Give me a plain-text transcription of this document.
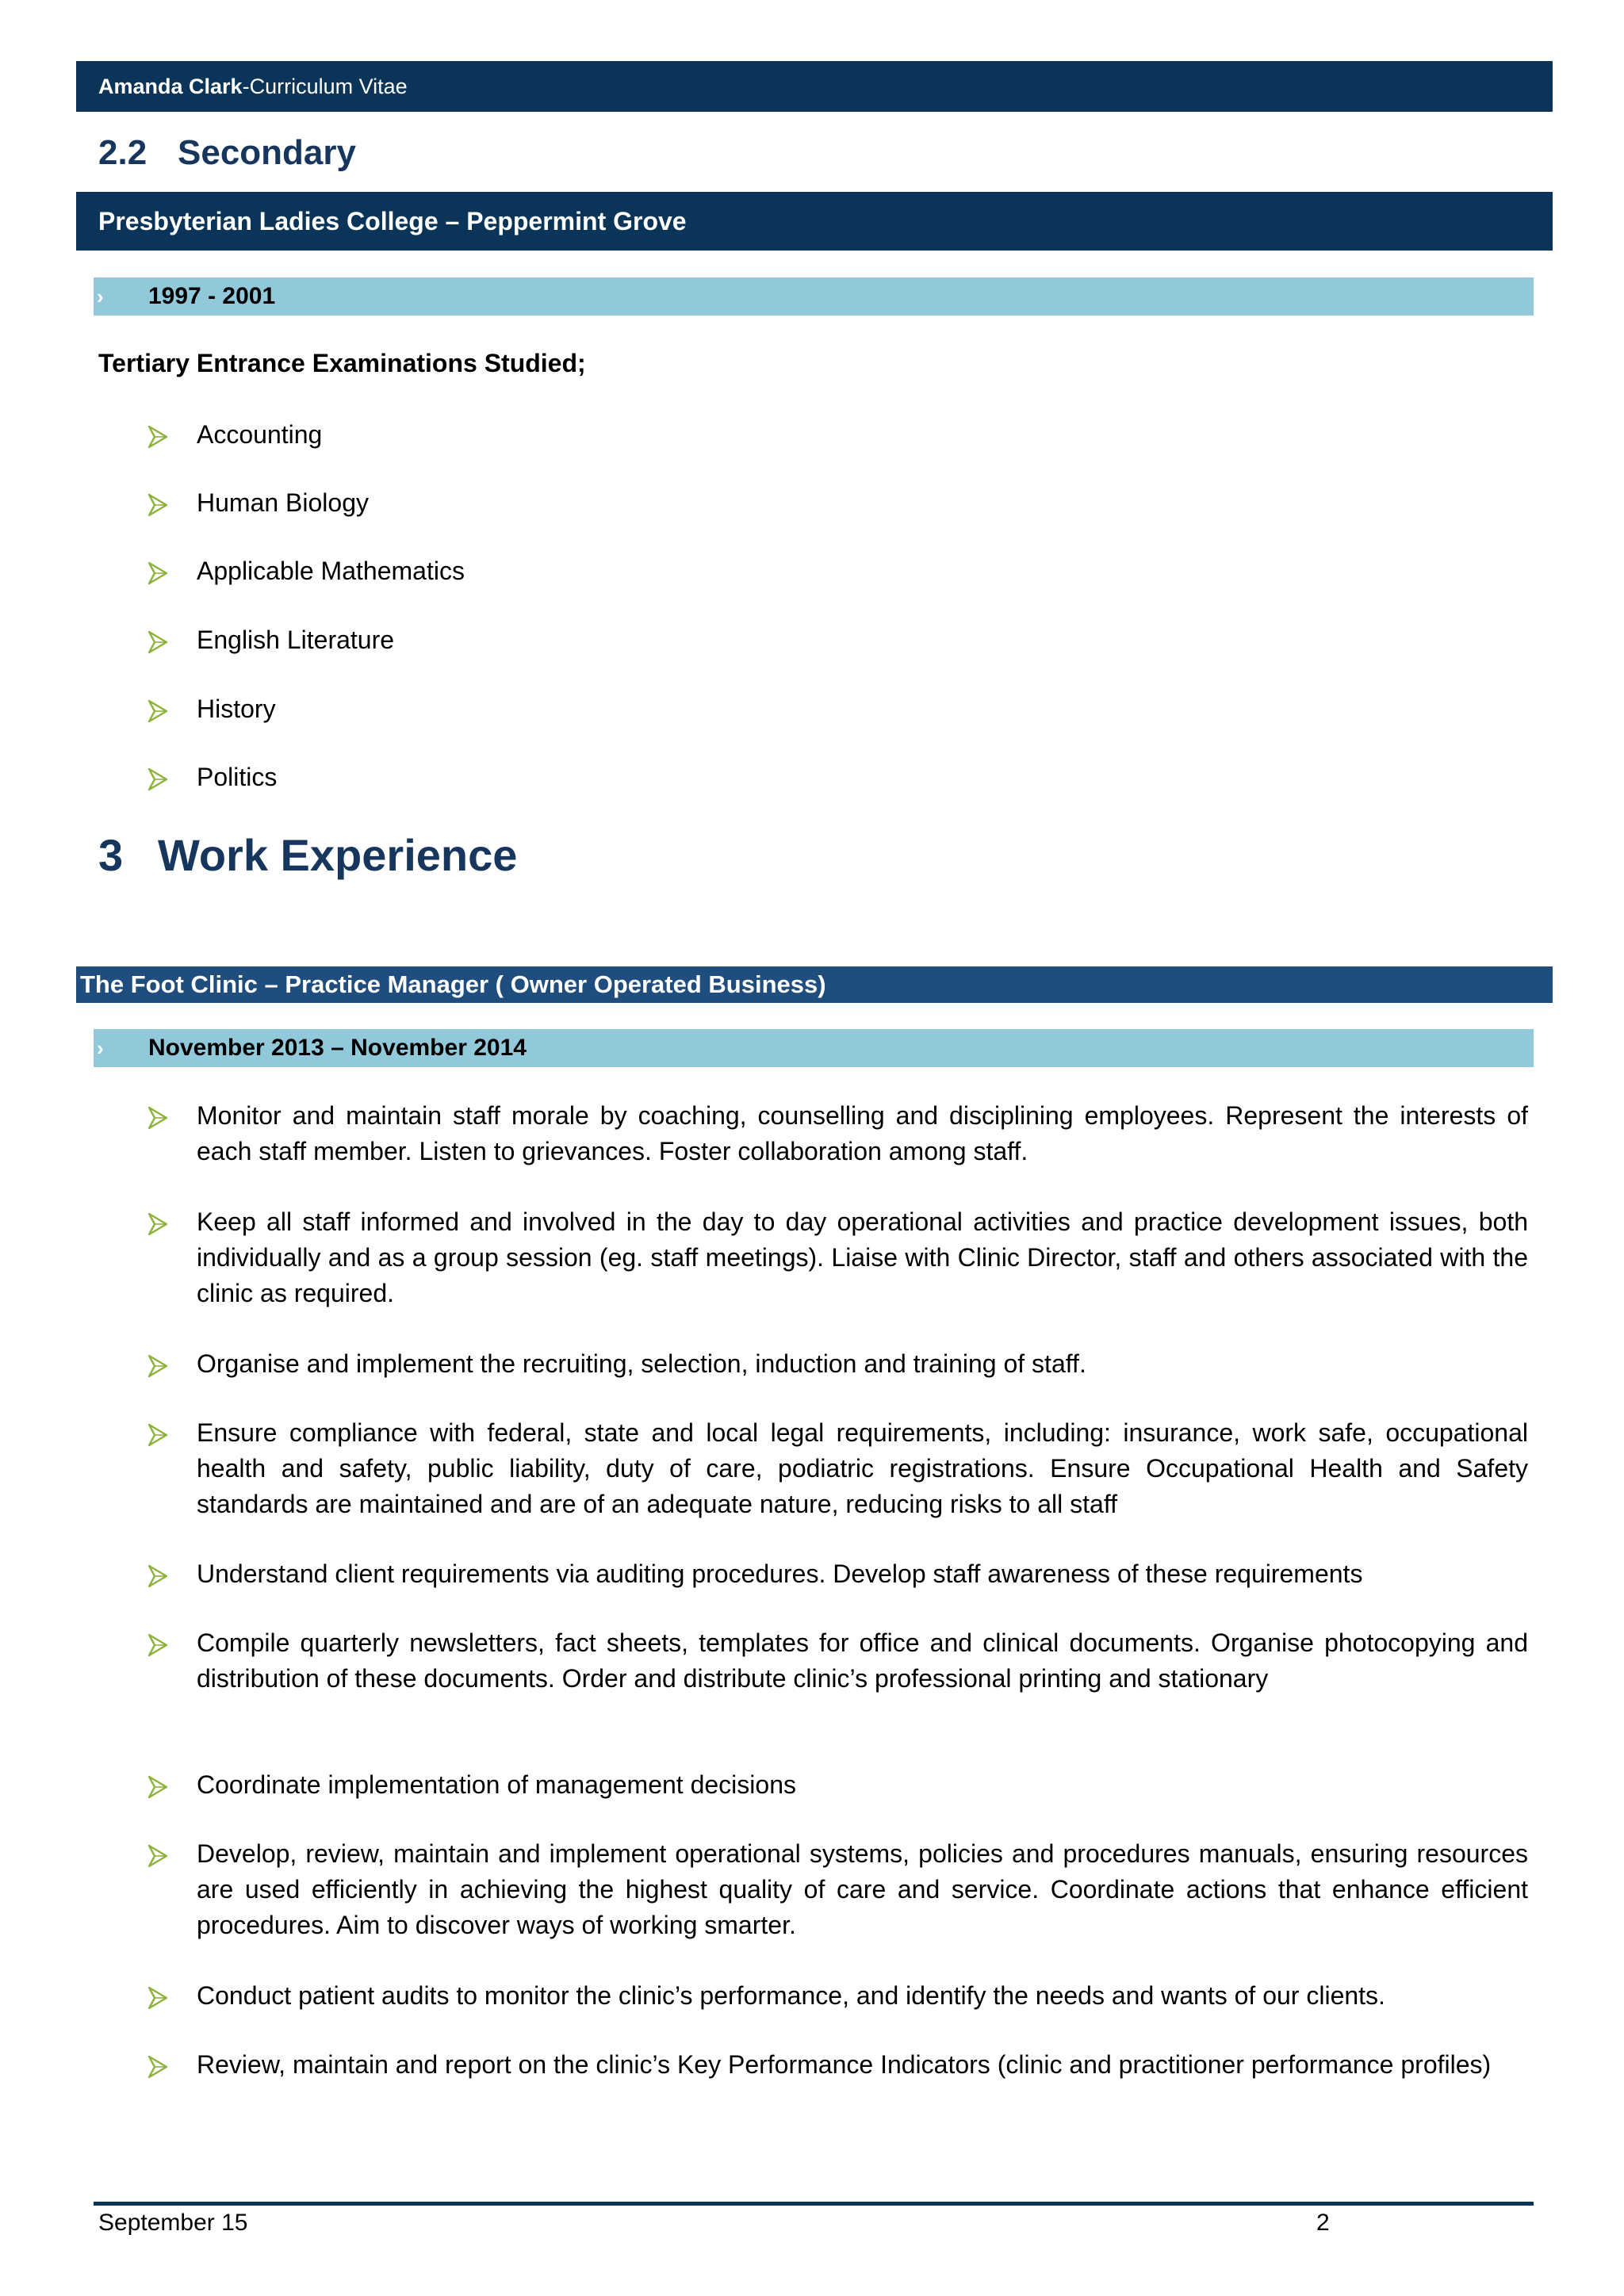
Amanda Clark-Curriculum Vitae
2.2 Secondary
Presbyterian Ladies College – Peppermint Grove
› 1997 - 2001
Tertiary Entrance Examinations Studied;
Accounting
Human Biology
Applicable Mathematics
English Literature
History
Politics
3 Work Experience
The Foot Clinic – Practice Manager ( Owner Operated Business)
› November 2013 – November 2014
Monitor and maintain staff morale by coaching, counselling and disciplining employees. Represent the interests of each staff member. Listen to grievances. Foster collaboration among staff.
Keep all staff informed and involved in the day to day operational activities and practice development issues, both individually and as a group session (eg. staff meetings). Liaise with Clinic Director, staff and others associated with the clinic as required.
Organise and implement the recruiting, selection, induction and training of staff.
Ensure compliance with federal, state and local legal requirements, including: insurance, work safe, occupational health and safety, public liability, duty of care, podiatric registrations. Ensure Occupational Health and Safety standards are maintained and are of an adequate nature, reducing risks to all staff
Understand client requirements via auditing procedures. Develop staff awareness of these requirements
Compile quarterly newsletters, fact sheets, templates for office and clinical documents. Organise photocopying and distribution of these documents. Order and distribute clinic’s professional printing and stationary
Coordinate implementation of management decisions
Develop, review, maintain and implement operational systems, policies and procedures manuals, ensuring resources are used efficiently in achieving the highest quality of care and service. Coordinate actions that enhance efficient procedures. Aim to discover ways of working smarter.
Conduct patient audits to monitor the clinic’s performance, and identify the needs and wants of our clients.
Review, maintain and report on the clinic’s Key Performance Indicators (clinic and practitioner performance profiles)
September 15	2
